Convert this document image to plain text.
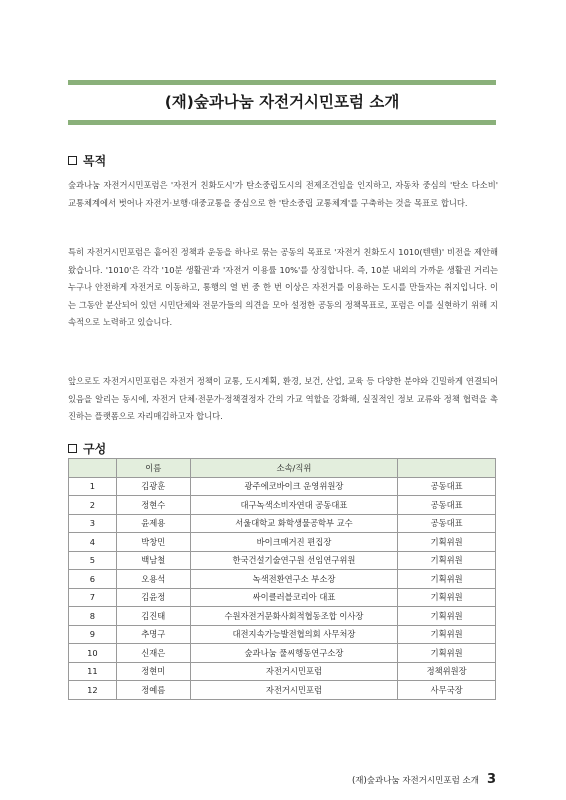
(재)숲과나눔 자전거시민포럼 소개
목적

숲과나눔 자전거시민포럼은 '자전거 친화도시'가 탄소중립도시의 전제조건임을 인지하고, 자동차 중심의 '탄소 다소비' 교통체계에서 벗어나 자전거·보행·대중교통을 중심으로 한 '탄소중립 교통체계'를 구축하는 것을 목표로 합니다.

특히 자전거시민포럼은 흩어진 정책과 운동을 하나로 묶는 공동의 목표로 '자전거 친화도시 1010(텐텐)' 비전을 제안해왔습니다. '1010'은 각각 '10분 생활권'과 '자전거 이용률 10%'를 상징합니다. 즉, 10분 내외의 가까운 생활권 거리는 누구나 안전하게 자전거로 이동하고, 통행의 열 번 중 한 번 이상은 자전거를 이용하는 도시를 만들자는 취지입니다. 이는 그동안 분산되어 있던 시민단체와 전문가들의 의견을 모아 설정한 공동의 정책목표로, 포럼은 이를 실현하기 위해 지속적으로 노력하고 있습니다.

앞으로도 자전거시민포럼은 자전거 정책이 교통, 도시계획, 환경, 보건, 산업, 교육 등 다양한 분야와 긴밀하게 연결되어 있음을 알리는 동시에, 자전거 단체·전문가·정책결정자 간의 가교 역할을 강화해, 실질적인 정보 교류와 정책 협력을 촉진하는 플랫폼으로 자리매김하고자 합니다.

구성
	이름	소속/직위	
1	김광훈	광주에코바이크 운영위원장	공동대표
2	정현수	대구녹색소비자연대 공동대표	공동대표
3	윤제용	서울대학교 화학생물공학부 교수	공동대표
4	박창민	바이크매거진 편집장	기획위원
5	백남철	한국건설기술연구원 선임연구위원	기획위원
6	오용석	녹색전환연구소 부소장	기획위원
7	김윤정	싸이클러블코리아 대표	기획위원
8	김진태	수원자전거문화사회적협동조합 이사장	기획위원
9	추명구	대전지속가능발전협의회 사무처장	기획위원
10	신재은	숲과나눔 풀씨행동연구소장	기획위원
11	정현미	자전거시민포럼	정책위원장
12	정예름	자전거시민포럼	사무국장
(재)숲과나눔 자전거시민포럼 소개 3
